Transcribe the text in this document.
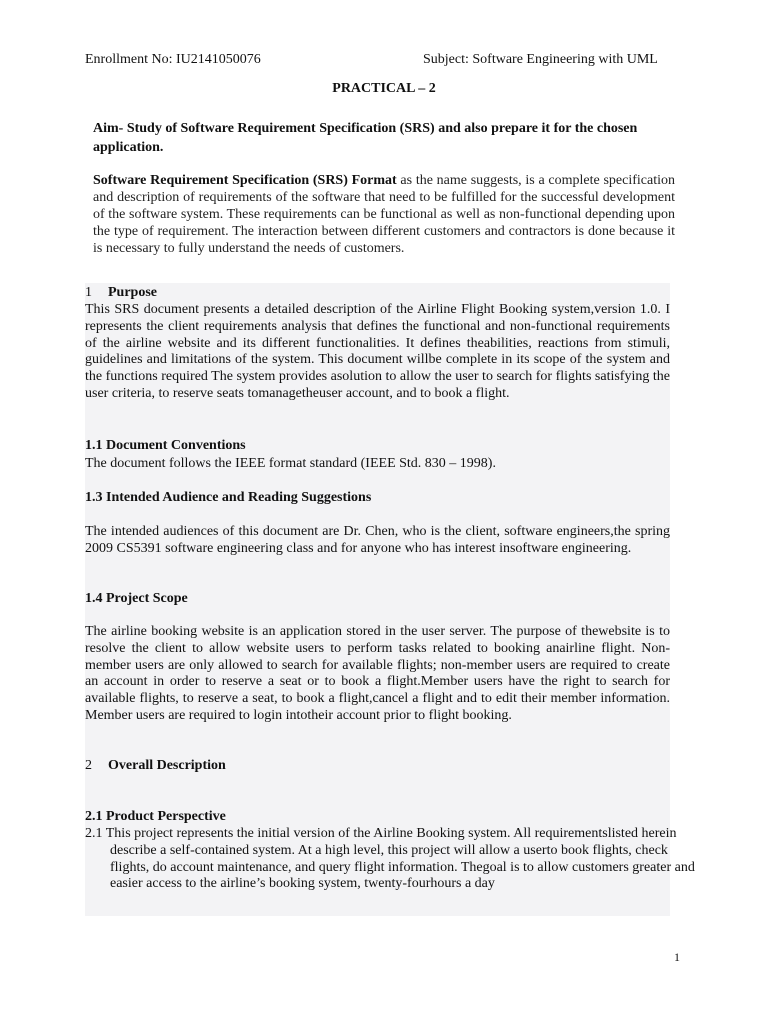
Enrollment No: IU2141050076	Subject: Software Engineering with UML
PRACTICAL – 2
Aim- Study of Software Requirement Specification (SRS) and also prepare it for the chosen application.
Software Requirement Specification (SRS) Format as the name suggests, is a complete specification and description of requirements of the software that need to be fulfilled for the successful development of the software system. These requirements can be functional as well as non-functional depending upon the type of requirement. The interaction between different customers and contractors is done because it is necessary to fully understand the needs of customers.
1 Purpose
This SRS document presents a detailed description of the Airline Flight Booking system,version 1.0. I represents the client requirements analysis that defines the functional and non-functional requirements of the airline website and its different functionalities. It defines theabilities, reactions from stimuli, guidelines and limitations of the system. This document willbe complete in its scope of the system and the functions required The system provides asolution to allow the user to search for flights satisfying the user criteria, to reserve seats tomanagetheuser account, and to book a flight.
1.1 Document Conventions
The document follows the IEEE format standard (IEEE Std. 830 – 1998).
1.3 Intended Audience and Reading Suggestions
The intended audiences of this document are Dr. Chen, who is the client, software engineers,the spring 2009 CS5391 software engineering class and for anyone who has interest insoftware engineering.
1.4 Project Scope
The airline booking website is an application stored in the user server. The purpose of thewebsite is to resolve the client to allow website users to perform tasks related to booking anairline flight. Non-member users are only allowed to search for available flights; non-member users are required to create an account in order to reserve a seat or to book a flight.Member users have the right to search for available flights, to reserve a seat, to book a flight,cancel a flight and to edit their member information. Member users are required to login intotheir account prior to flight booking.
2 Overall Description
2.1 Product Perspective
2.1 This project represents the initial version of the Airline Booking system. All requirementslisted herein describe a self-contained system. At a high level, this project will allow a userto book flights, check flights, do account maintenance, and query flight information. Thegoal is to allow customers greater and easier access to the airline’s booking system, twenty-fourhours a day
1
